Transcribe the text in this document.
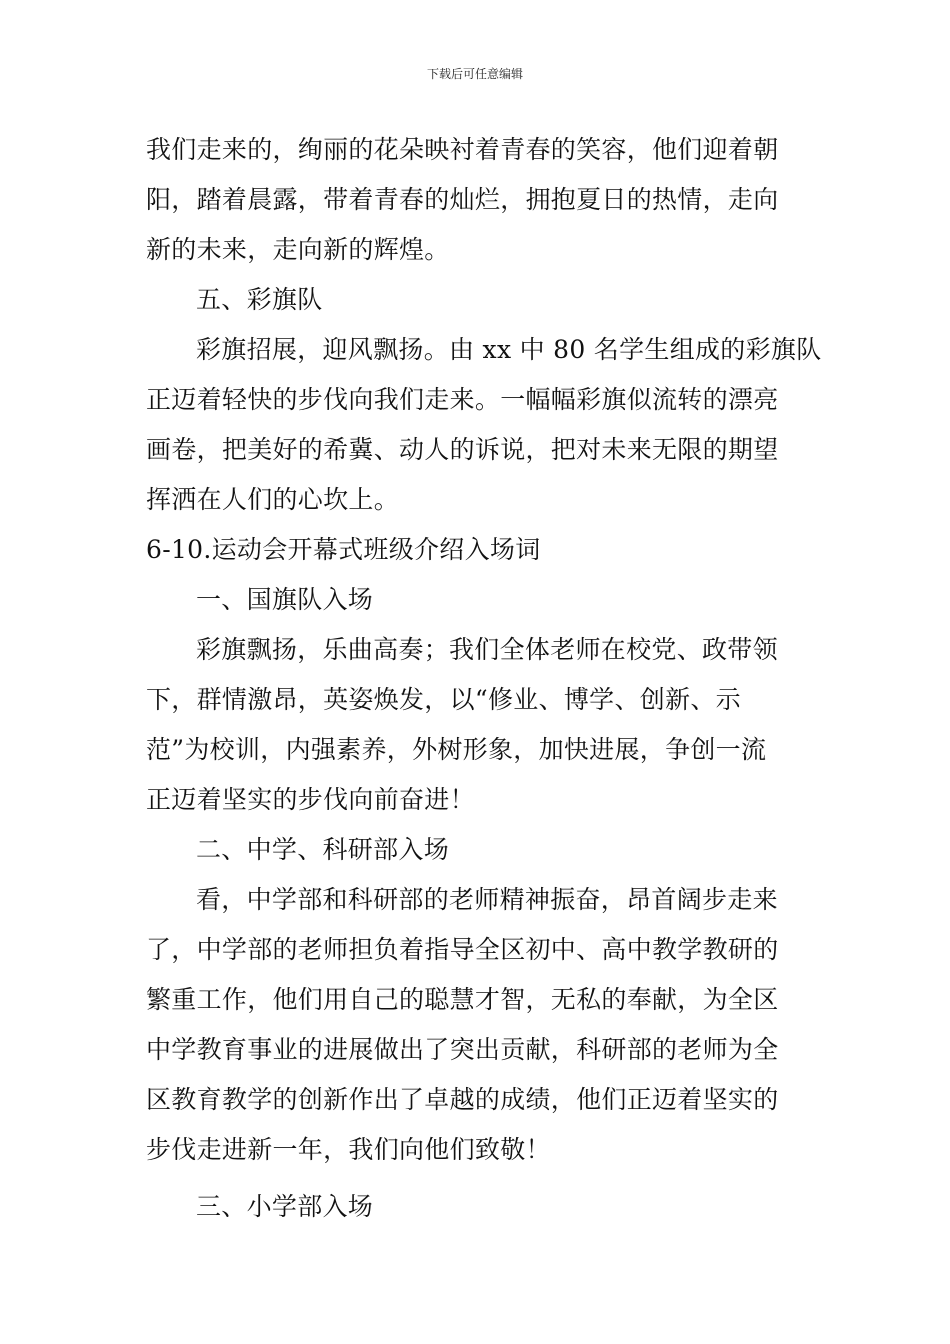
下载后可任意编辑
我们走来的，绚丽的花朵映衬着青春的笑容，他们迎着朝
阳，踏着晨露，带着青春的灿烂，拥抱夏日的热情，走向
新的未来，走向新的辉煌。
五、彩旗队
彩旗招展，迎风飘扬。由 xx 中 80 名学生组成的彩旗队
正迈着轻快的步伐向我们走来。一幅幅彩旗似流转的漂亮
画卷，把美好的希冀、动人的诉说，把对未来无限的期望
挥洒在人们的心坎上。
6-10.运动会开幕式班级介绍入场词
一、国旗队入场
彩旗飘扬，乐曲高奏；我们全体老师在校党、政带领
下，群情激昂，英姿焕发，以“修业、博学、创新、示
范”为校训，内强素养，外树形象，加快进展，争创一流
正迈着坚实的步伐向前奋进！
二、中学、科研部入场
看，中学部和科研部的老师精神振奋，昂首阔步走来
了，中学部的老师担负着指导全区初中、高中教学教研的
繁重工作，他们用自己的聪慧才智，无私的奉献，为全区
中学教育事业的进展做出了突出贡献，科研部的老师为全
区教育教学的创新作出了卓越的成绩，他们正迈着坚实的
步伐走进新一年，我们向他们致敬！
三、小学部入场
